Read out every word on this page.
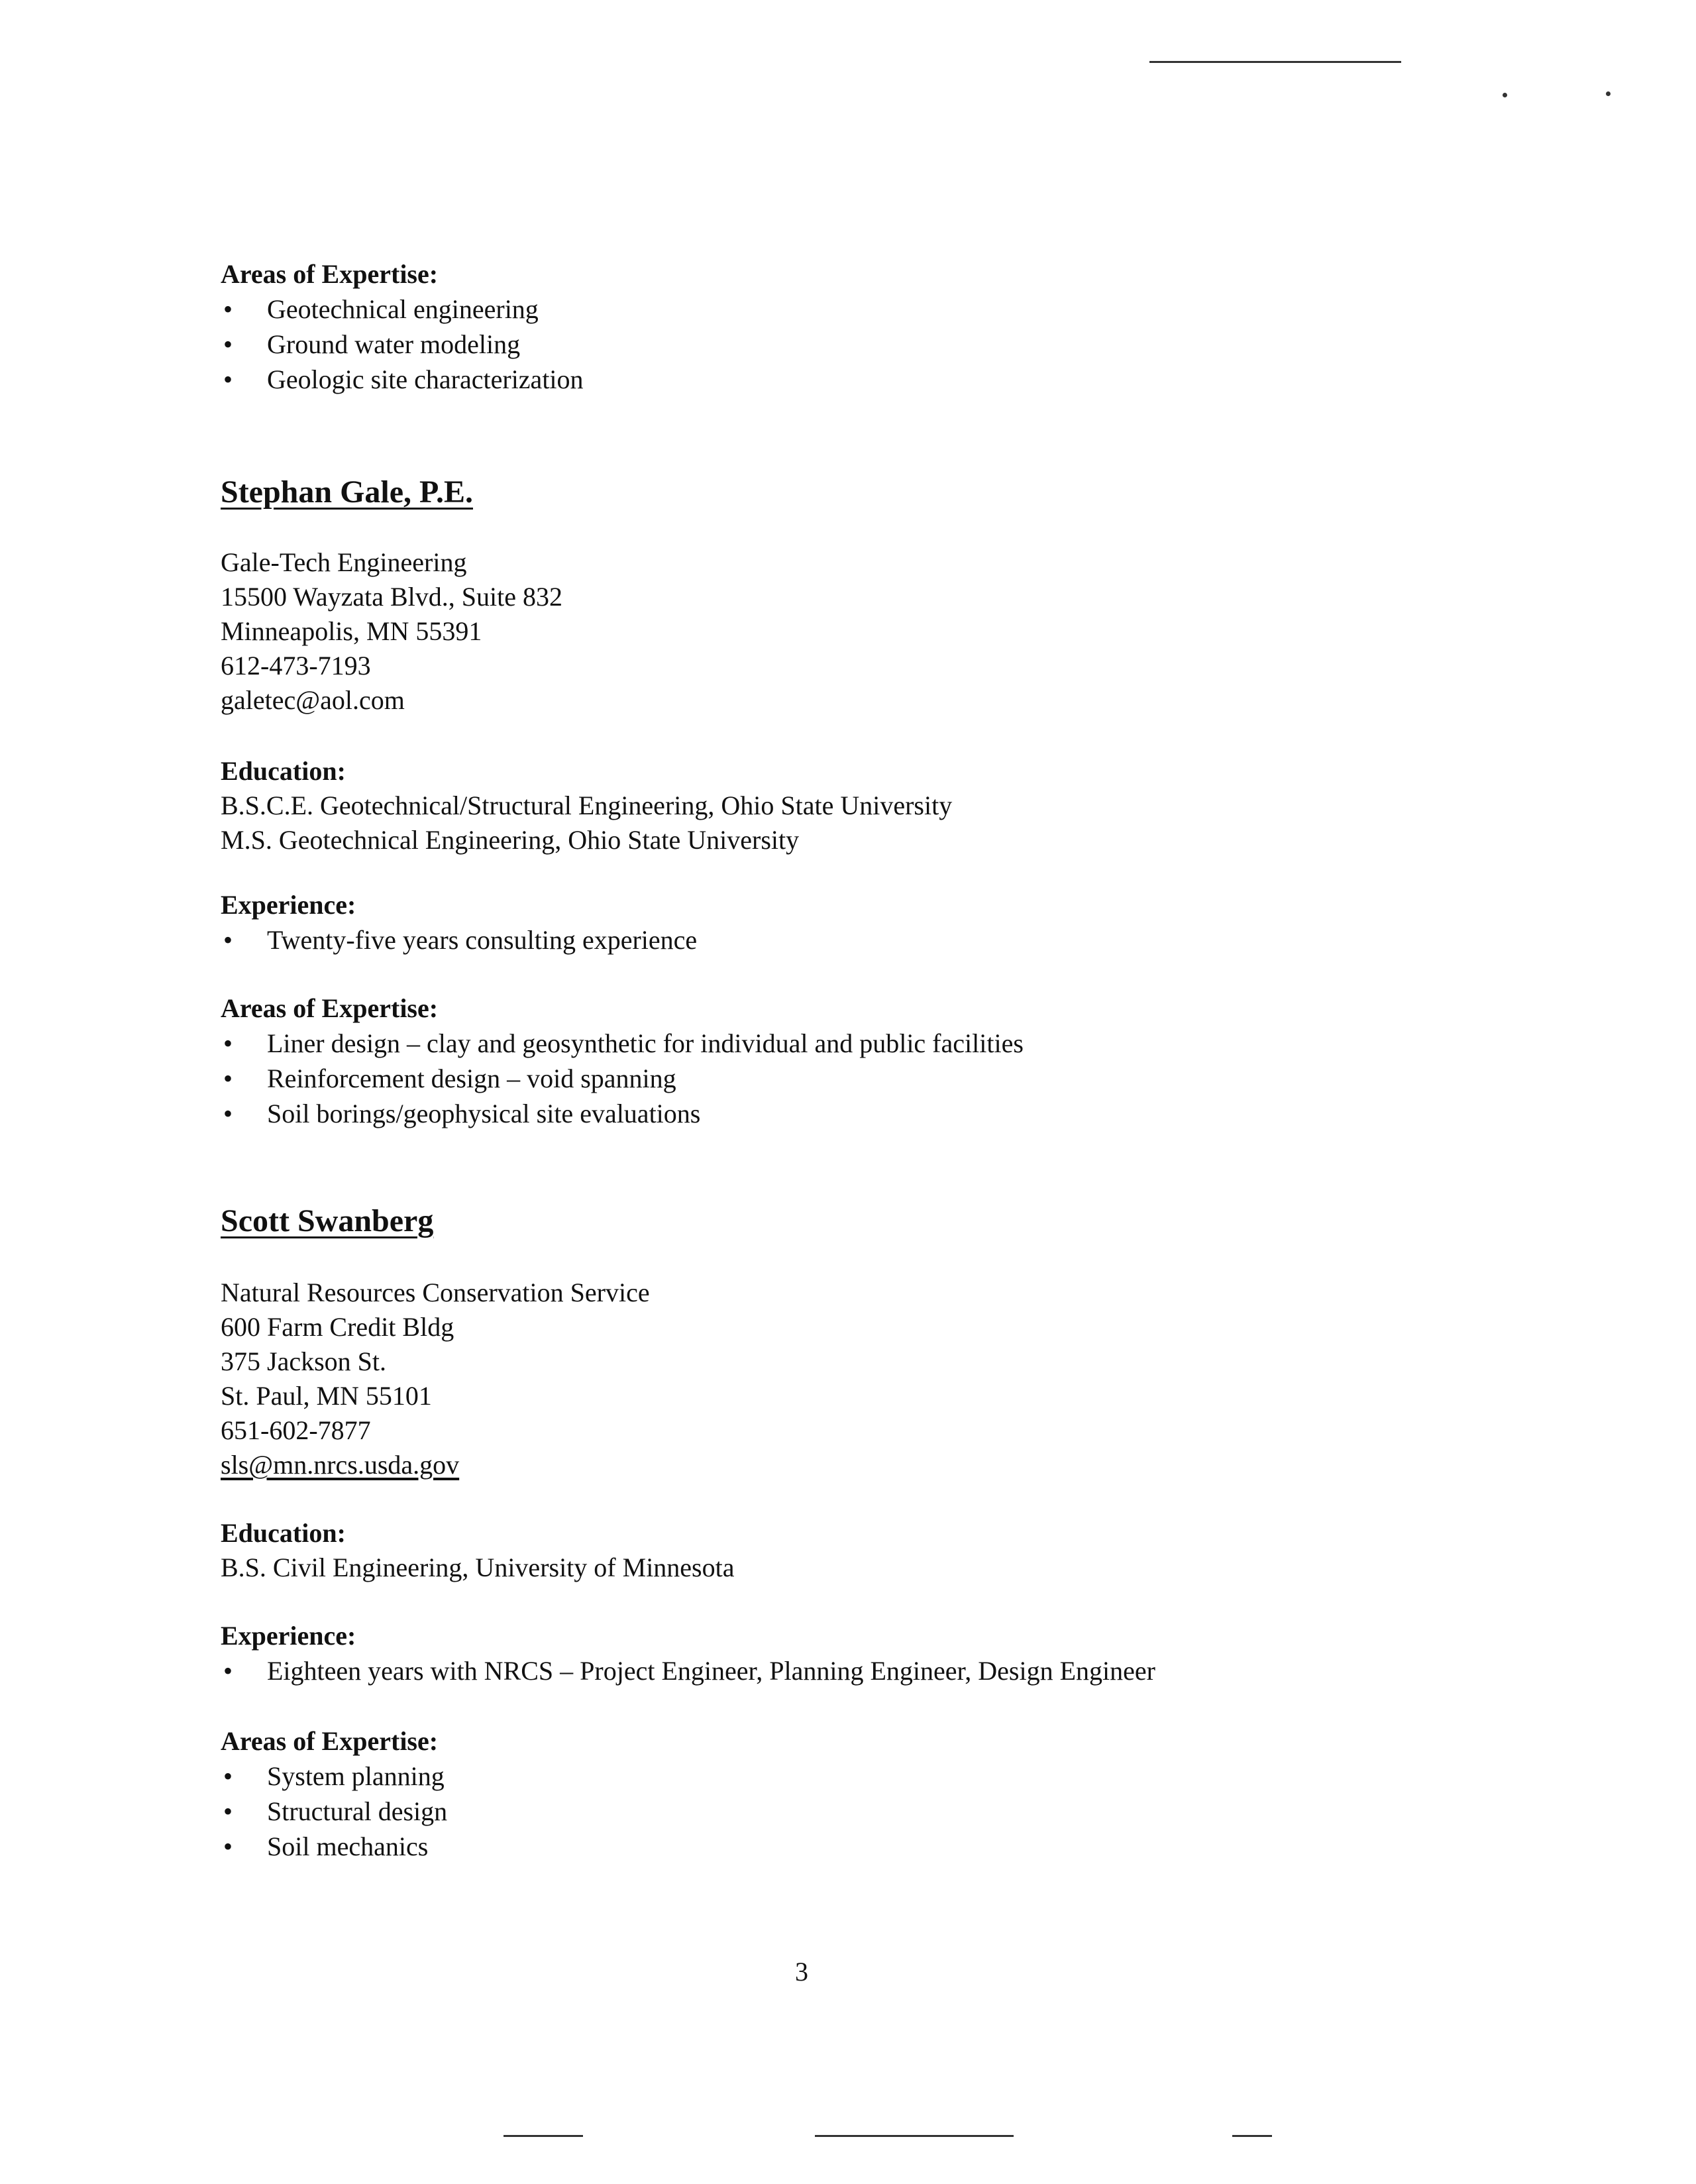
Areas of Expertise:
• Geotechnical engineering
• Ground water modeling
• Geologic site characterization
Stephan Gale, P.E.
Gale-Tech Engineering
15500 Wayzata Blvd., Suite 832
Minneapolis, MN 55391
612-473-7193
galetec@aol.com
Education:
B.S.C.E. Geotechnical/Structural Engineering, Ohio State University
M.S. Geotechnical Engineering, Ohio State University
Experience:
• Twenty-five years consulting experience
Areas of Expertise:
• Liner design – clay and geosynthetic for individual and public facilities
• Reinforcement design – void spanning
• Soil borings/geophysical site evaluations
Scott Swanberg
Natural Resources Conservation Service
600 Farm Credit Bldg
375 Jackson St.
St. Paul, MN 55101
651-602-7877
sls@mn.nrcs.usda.gov
Education:
B.S. Civil Engineering, University of Minnesota
Experience:
• Eighteen years with NRCS – Project Engineer, Planning Engineer, Design Engineer
Areas of Expertise:
• System planning
• Structural design
• Soil mechanics
3
